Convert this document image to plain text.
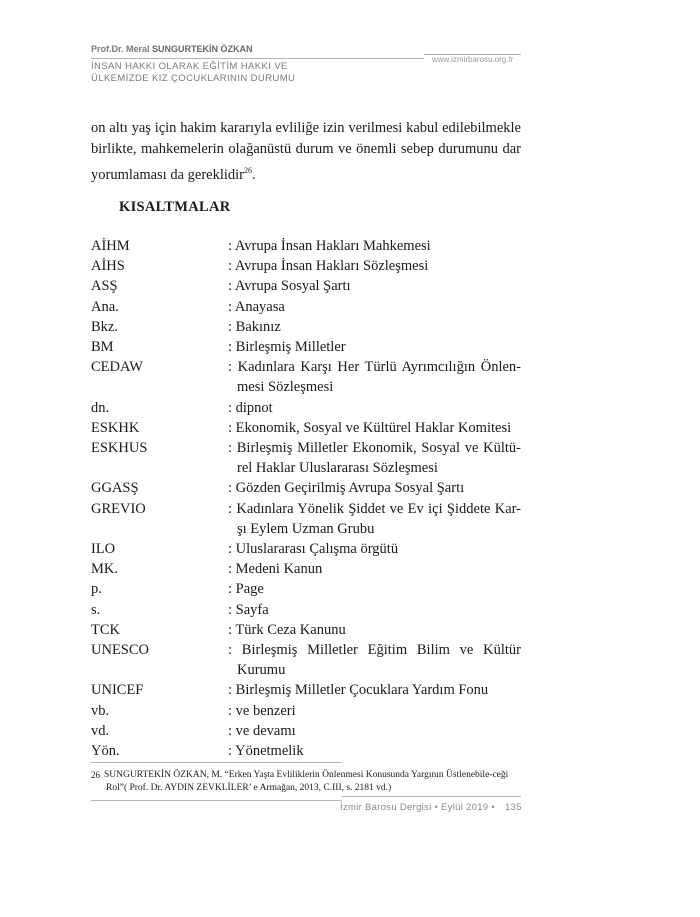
Prof.Dr. Meral SUNGURTEKİN ÖZKAN
www.izmirbarosu.org.tr
İNSAN HAKKI OLARAK EĞİTİM HAKKI VE
ÜLKEMİZDE KIZ ÇOCUKLARININ DURUMU
on altı yaş için hakim kararıyla evliliğe izin verilmesi kabul edilebilmekle birlikte, mahkemelerin olağanüstü durum ve önemli sebep durumunu dar yorumlaması da gereklidir$^{26}$.
KISALTMALAR
AİHM	: Avrupa İnsan Hakları Mahkemesi
AİHS	: Avrupa İnsan Hakları Sözleşmesi
ASŞ	: Avrupa Sosyal Şartı
Ana.	: Anayasa
Bkz.	: Bakınız
BM	: Birleşmiş Milletler
CEDAW	: Kadınlara Karşı Her Türlü Ayrımcılığın Önlen-mesi Sözleşmesi
dn.	: dipnot
ESKHK	: Ekonomik, Sosyal ve Kültürel Haklar Komitesi
ESKHUS	: Birleşmiş Milletler Ekonomik, Sosyal ve Kültü-rel Haklar Uluslararası Sözleşmesi
GGASŞ	: Gözden Geçirilmiş Avrupa Sosyal Şartı
GREVIO	: Kadınlara Yönelik Şiddet ve Ev içi Şiddete Kar-şı Eylem Uzman Grubu
ILO	: Uluslararası Çalışma örgütü
MK.	: Medeni Kanun
p.	: Page
s.	: Sayfa
TCK	: Türk Ceza Kanunu
UNESCO	: Birleşmiş Milletler Eğitim Bilim ve Kültür Kurumu
UNICEF	: Birleşmiş Milletler Çocuklara Yardım Fonu
vb.	: ve benzeri
vd.	: ve devamı
Yön.	: Yönetmelik
26 SUNGURTEKİN ÖZKAN, M. “Erken Yaşta Evliliklerin Önlenmesi Konusunda Yargının Üstlenebile-ceği Rol”( Prof. Dr. AYDIN ZEVKLİLER’ e Armağan, 2013, C.III, s. 2181 vd.)
İzmir Barosu Dergisi • Eylül 2019 • 135
